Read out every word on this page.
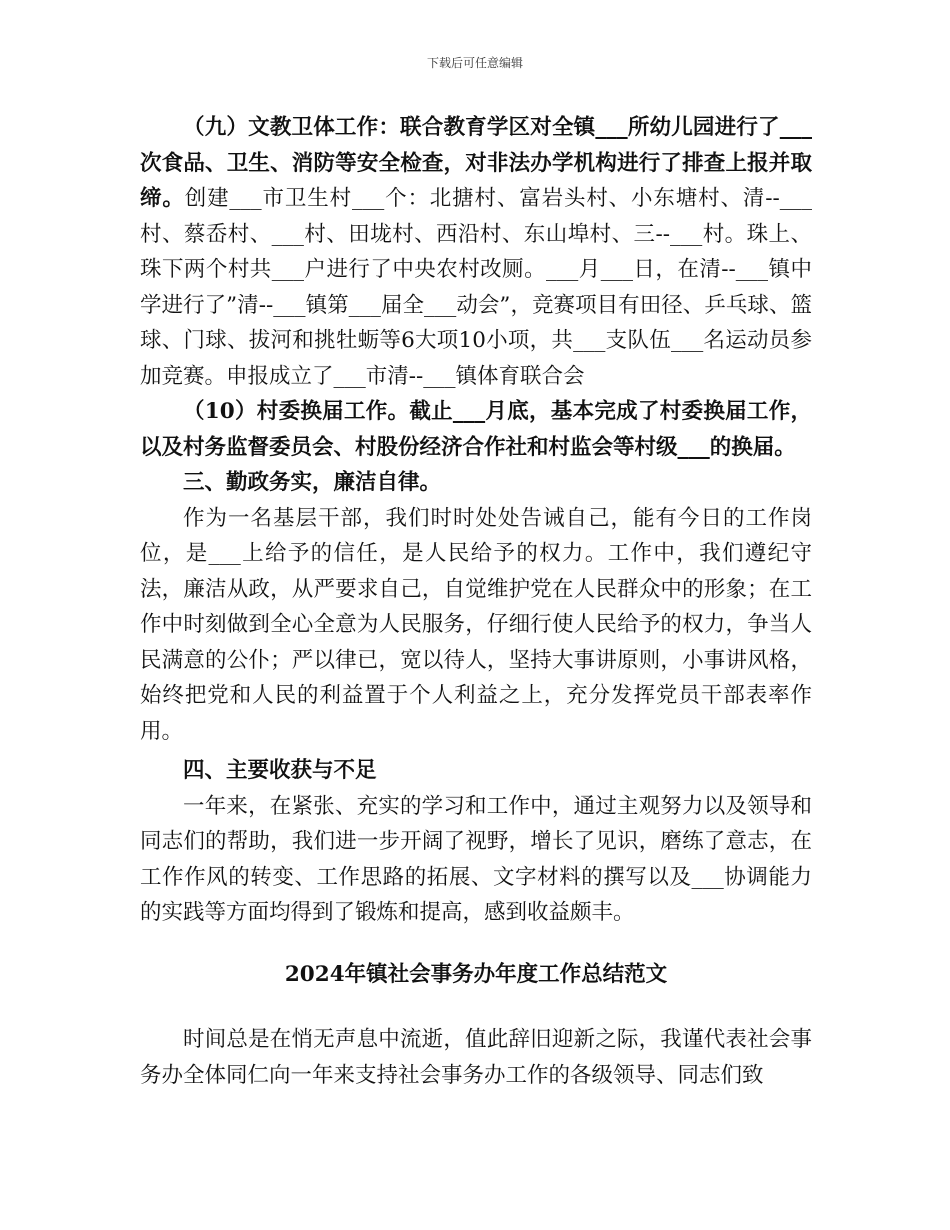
下载后可任意编辑

（九）文教卫体工作：联合教育学区对全镇___所幼儿园进行了___次食品、卫生、消防等安全检查，对非法办学机构进行了排查上报并取缔。创建___市卫生村___个：北搪村、富岩头村、小东塘村、清--___村、蔡岙村、___村、田垅村、西沿村、东山埠村、三--___村。珠上、珠下两个村共___户进行了中央农村改厕。___月___日，在清--___镇中学进行了”清--___镇第___届全___动会”，竞赛项目有田径、乒乓球、篮球、门球、拔河和挑牡蛎等6大项10小项，共___支队伍___名运动员参加竞赛。申报成立了___市清--___镇体育联合会

（10）村委换届工作。截止___月底，基本完成了村委换届工作，以及村务监督委员会、村股份经济合作社和村监会等村级___的换届。

三、勤政务实，廉洁自律。

作为一名基层干部，我们时时处处告诫自己，能有今日的工作岗位，是___上给予的信任，是人民给予的权力。工作中，我们遵纪守法，廉洁从政，从严要求自己，自觉维护党在人民群众中的形象；在工作中时刻做到全心全意为人民服务，仔细行使人民给予的权力，争当人民满意的公仆；严以律已，宽以待人，坚持大事讲原则，小事讲风格，始终把党和人民的利益置于个人利益之上，充分发挥党员干部表率作用。

四、主要收获与不足

一年来，在紧张、充实的学习和工作中，通过主观努力以及领导和同志们的帮助，我们进一步开阔了视野，增长了见识，磨练了意志，在工作作风的转变、工作思路的拓展、文字材料的撰写以及___协调能力的实践等方面均得到了锻炼和提高，感到收益颇丰。

2024年镇社会事务办年度工作总结范文

时间总是在悄无声息中流逝，值此辞旧迎新之际，我谨代表社会事务办全体同仁向一年来支持社会事务办工作的各级领导、同志们致
